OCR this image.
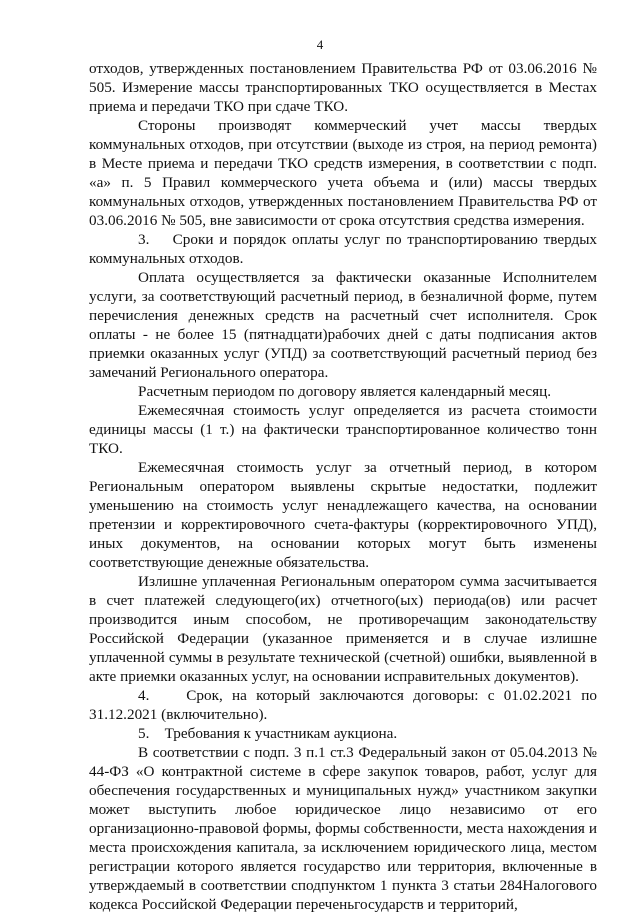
4

отходов, утвержденных постановлением Правительства РФ от 03.06.2016 № 505. Измерение массы транспортированных ТКО осуществляется в Местах приема и передачи ТКО при сдаче ТКО.

Стороны производят коммерческий учет массы твердых коммунальных отходов, при отсутствии (выходе из строя, на период ремонта) в Месте приема и передачи ТКО средств измерения, в соответствии с подп. «а» п. 5 Правил коммерческого учета объема и (или) массы твердых коммунальных отходов, утвержденных постановлением Правительства РФ от 03.06.2016 № 505, вне зависимости от срока отсутствия средства измерения.

3.    Сроки и порядок оплаты услуг по транспортированию твердых коммунальных отходов.

Оплата осуществляется за фактически оказанные Исполнителем услуги, за соответствующий расчетный период, в безналичной форме, путем перечисления денежных средств на расчетный счет исполнителя. Срок оплаты - не более 15 (пятнадцати)рабочих дней с даты подписания актов приемки оказанных услуг (УПД) за соответствующий расчетный период без замечаний Регионального оператора.

Расчетным периодом по договору является календарный месяц.

Ежемесячная стоимость услуг определяется из расчета стоимости единицы массы (1 т.) на фактически транспортированное количество тонн ТКО.

Ежемесячная стоимость услуг за отчетный период, в котором Региональным оператором выявлены скрытые недостатки, подлежит уменьшению на стоимость услуг ненадлежащего качества, на основании претензии и корректировочного счета-фактуры (корректировочного УПД), иных документов, на основании которых могут быть изменены соответствующие денежные обязательства.

Излишне уплаченная Региональным оператором сумма засчитывается в счет платежей следующего(их) отчетного(ых) периода(ов) или расчет производится иным способом, не противоречащим законодательству Российской Федерации (указанное применяется и в случае излишне уплаченной суммы в результате технической (счетной) ошибки, выявленной в акте приемки оказанных услуг, на основании исправительных документов).

4.    Срок, на который заключаются договоры: с 01.02.2021 по 31.12.2021 (включительно).

5.    Требования к участникам аукциона.

В соответствии с подп. 3 п.1 ст.3 Федеральный закон от 05.04.2013 № 44-ФЗ «О контрактной системе в сфере закупок товаров, работ, услуг для обеспечения государственных и муниципальных нужд» участником закупки может выступить любое юридическое лицо независимо от его организационно-правовой формы, формы собственности, места нахождения и места происхождения капитала, за исключением юридического лица, местом регистрации которого является государство или территория, включенные в утверждаемый в соответствии сподпунктом 1 пункта 3 статьи 284Налогового кодекса Российской Федерации переченьгосударств и территорий,
